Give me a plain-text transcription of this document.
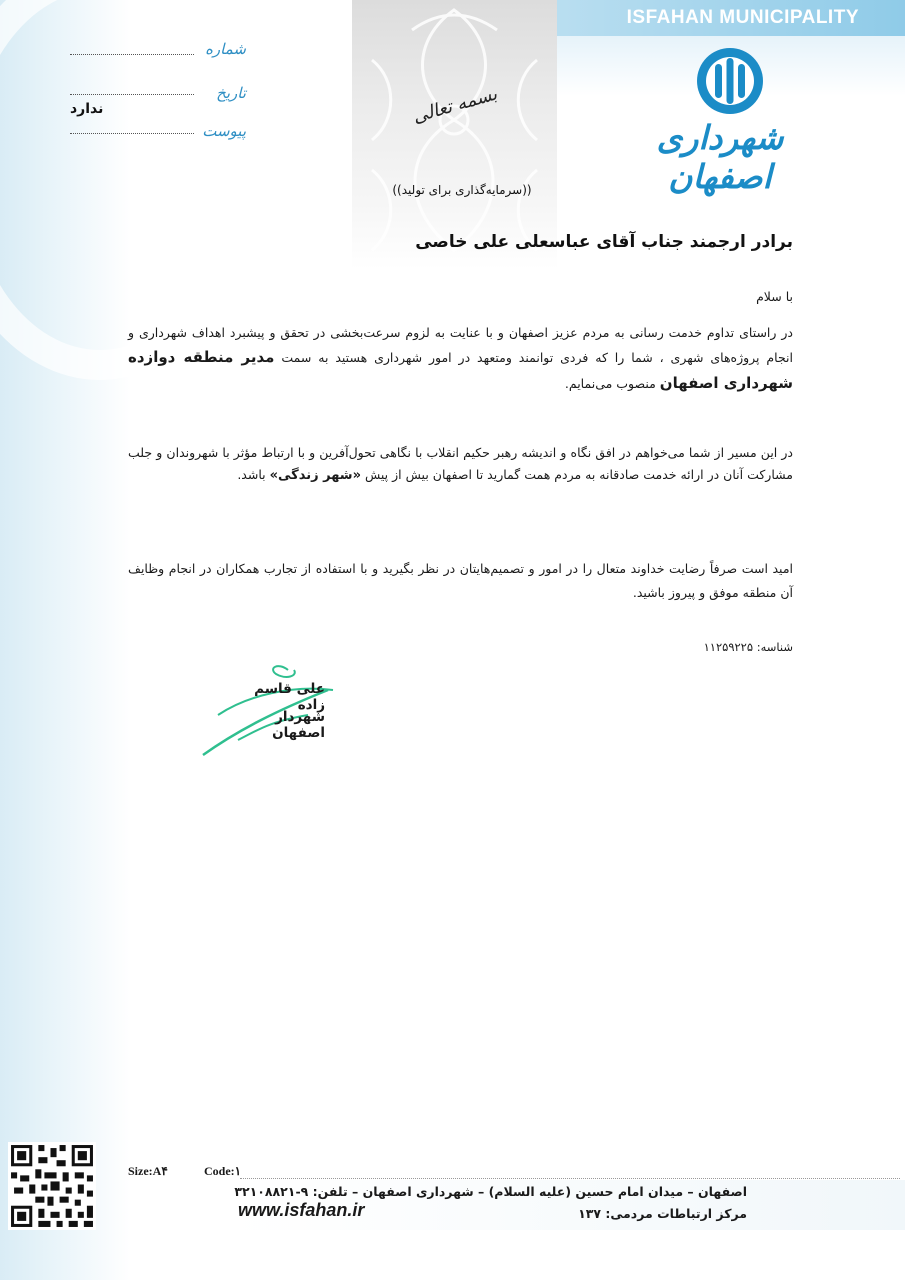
ISFAHAN MUNICIPALITY
شهرداری اصفهان
شماره
تاریخ
ندارد
پیوست
بسمه تعالی
((سرمایه‌گذاری برای تولید))
برادر ارجمند جناب آقای عباسعلی علی خاصی
با سلام
در راستای تداوم خدمت رسانی به مردم عزیز اصفهان و با عنایت به لزوم سرعت‌بخشی در تحقق و پیشبرد اهداف شهرداری و انجام پروژه‌های شهری ، شما را که فردی توانمند ومتعهد در امور شهرداری هستید به سمت مدیر منطقه دوازده شهرداری اصفهان منصوب می‌نمایم.
در این مسیر از شما می‌خواهم در افق نگاه و اندیشه رهبر حکیم انقلاب با نگاهی تحول‌آفرین و با ارتباط مؤثر با شهروندان و جلب مشارکت آنان در ارائه خدمت صادقانه به مردم همت گمارید تا اصفهان بیش از پیش «شهر زندگی» باشد.
امید است صرفاً رضایت خداوند متعال را در امور و تصمیم‌هایتان در نظر بگیرید و با استفاده از تجارب همکاران در انجام وظایف آن منطقه موفق و پیروز باشید.
شناسه: ۱۱۲۵۹۲۲۵
علی قاسم زاده
شهردار اصفهان
Size:A۴	Code:۱
اصفهان – میدان امام حسین (علیه السلام) – شهرداری اصفهان – تلفن: ۹-۳۲۱۰۸۸۲۱
مرکز ارتباطات مردمی: ۱۳۷
www.isfahan.ir
